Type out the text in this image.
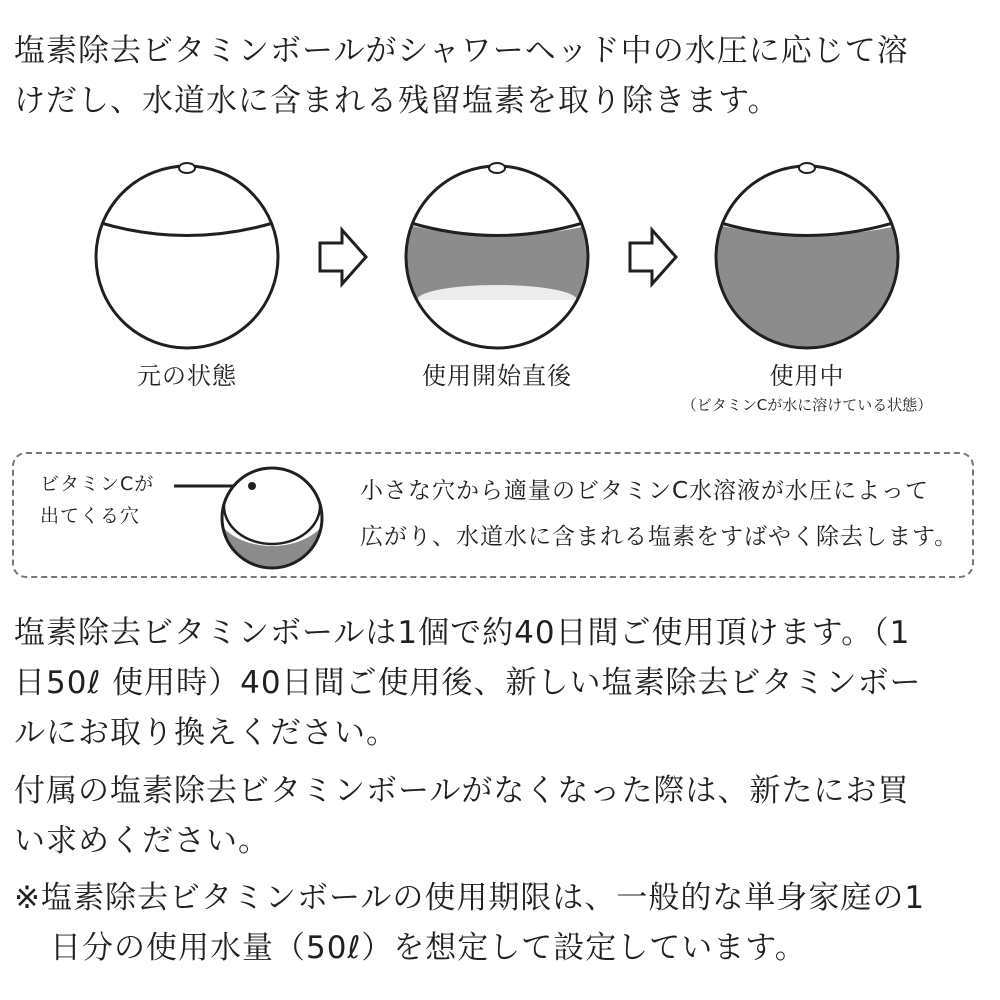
塩素除去ビタミンボールがシャワーヘッド中の水圧に応じて溶
けだし、水道水に含まれる残留塩素を取り除きます。
元の状態	使用開始直後	使用中
（ビタミンCが水に溶けている状態）
ビタミンCが
出てくる穴
小さな穴から適量のビタミンC水溶液が水圧によって
広がり、水道水に含まれる塩素をすばやく除去します。
塩素除去ビタミンボールは1個で約40日間ご使用頂けます。（1
日50ℓ 使用時）40日間ご使用後、新しい塩素除去ビタミンボー
ルにお取り換えください。
付属の塩素除去ビタミンボールがなくなった際は、新たにお買
い求めください。
※塩素除去ビタミンボールの使用期限は、一般的な単身家庭の1
日分の使用水量（50ℓ）を想定して設定しています。
